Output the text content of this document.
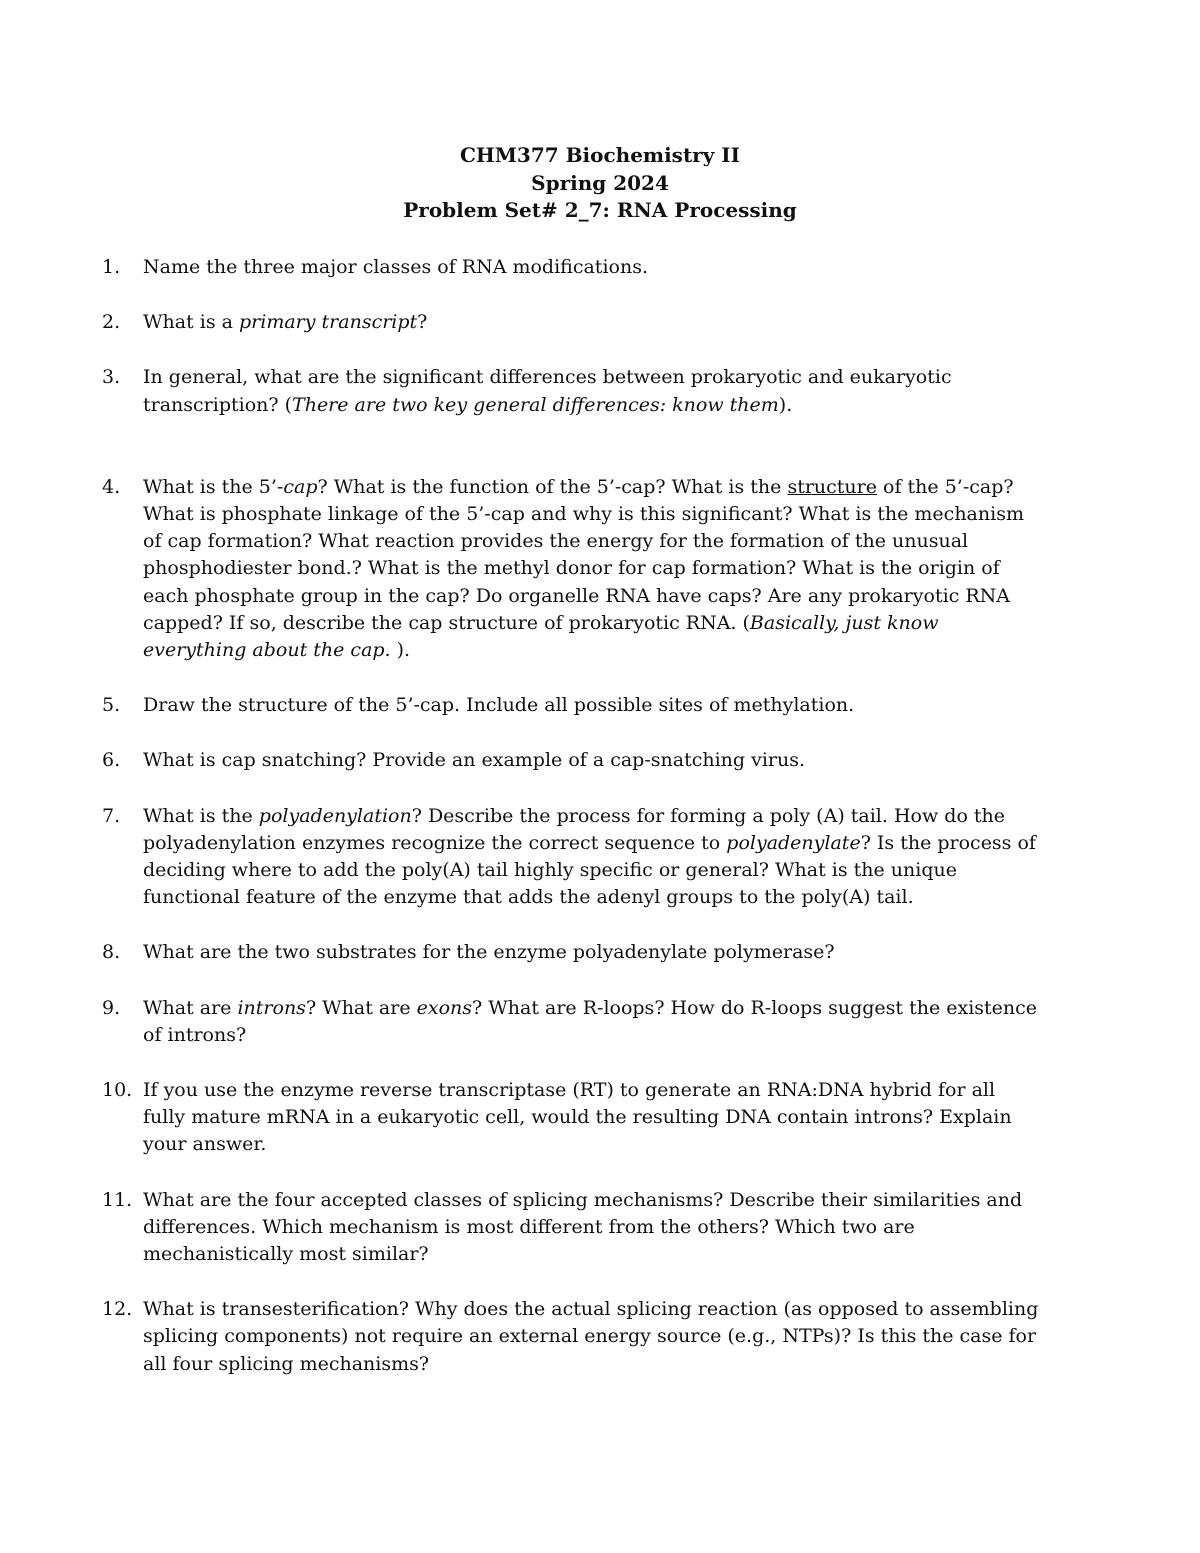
CHM377 Biochemistry II
Spring 2024
Problem Set# 2_7: RNA Processing
1. Name the three major classes of RNA modifications.
2. What is a primary transcript?
3. In general, what are the significant differences between prokaryotic and eukaryotic transcription? (There are two key general differences: know them).
4. What is the 5’-cap? What is the function of the 5’-cap? What is the structure of the 5’-cap? What is phosphate linkage of the 5’-cap and why is this significant? What is the mechanism of cap formation? What reaction provides the energy for the formation of the unusual phosphodiester bond.? What is the methyl donor for cap formation? What is the origin of each phosphate group in the cap? Do organelle RNA have caps? Are any prokaryotic RNA capped? If so, describe the cap structure of prokaryotic RNA. (Basically, just know everything about the cap. ).
5. Draw the structure of the 5’-cap. Include all possible sites of methylation.
6. What is cap snatching? Provide an example of a cap-snatching virus.
7. What is the polyadenylation? Describe the process for forming a poly (A) tail. How do the polyadenylation enzymes recognize the correct sequence to polyadenylate? Is the process of deciding where to add the poly(A) tail highly specific or general? What is the unique functional feature of the enzyme that adds the adenyl groups to the poly(A) tail.
8. What are the two substrates for the enzyme polyadenylate polymerase?
9. What are introns? What are exons? What are R-loops? How do R-loops suggest the existence of introns?
10. If you use the enzyme reverse transcriptase (RT) to generate an RNA:DNA hybrid for all fully mature mRNA in a eukaryotic cell, would the resulting DNA contain introns? Explain your answer.
11. What are the four accepted classes of splicing mechanisms? Describe their similarities and differences. Which mechanism is most different from the others? Which two are mechanistically most similar?
12. What is transesterification? Why does the actual splicing reaction (as opposed to assembling splicing components) not require an external energy source (e.g., NTPs)? Is this the case for all four splicing mechanisms?
